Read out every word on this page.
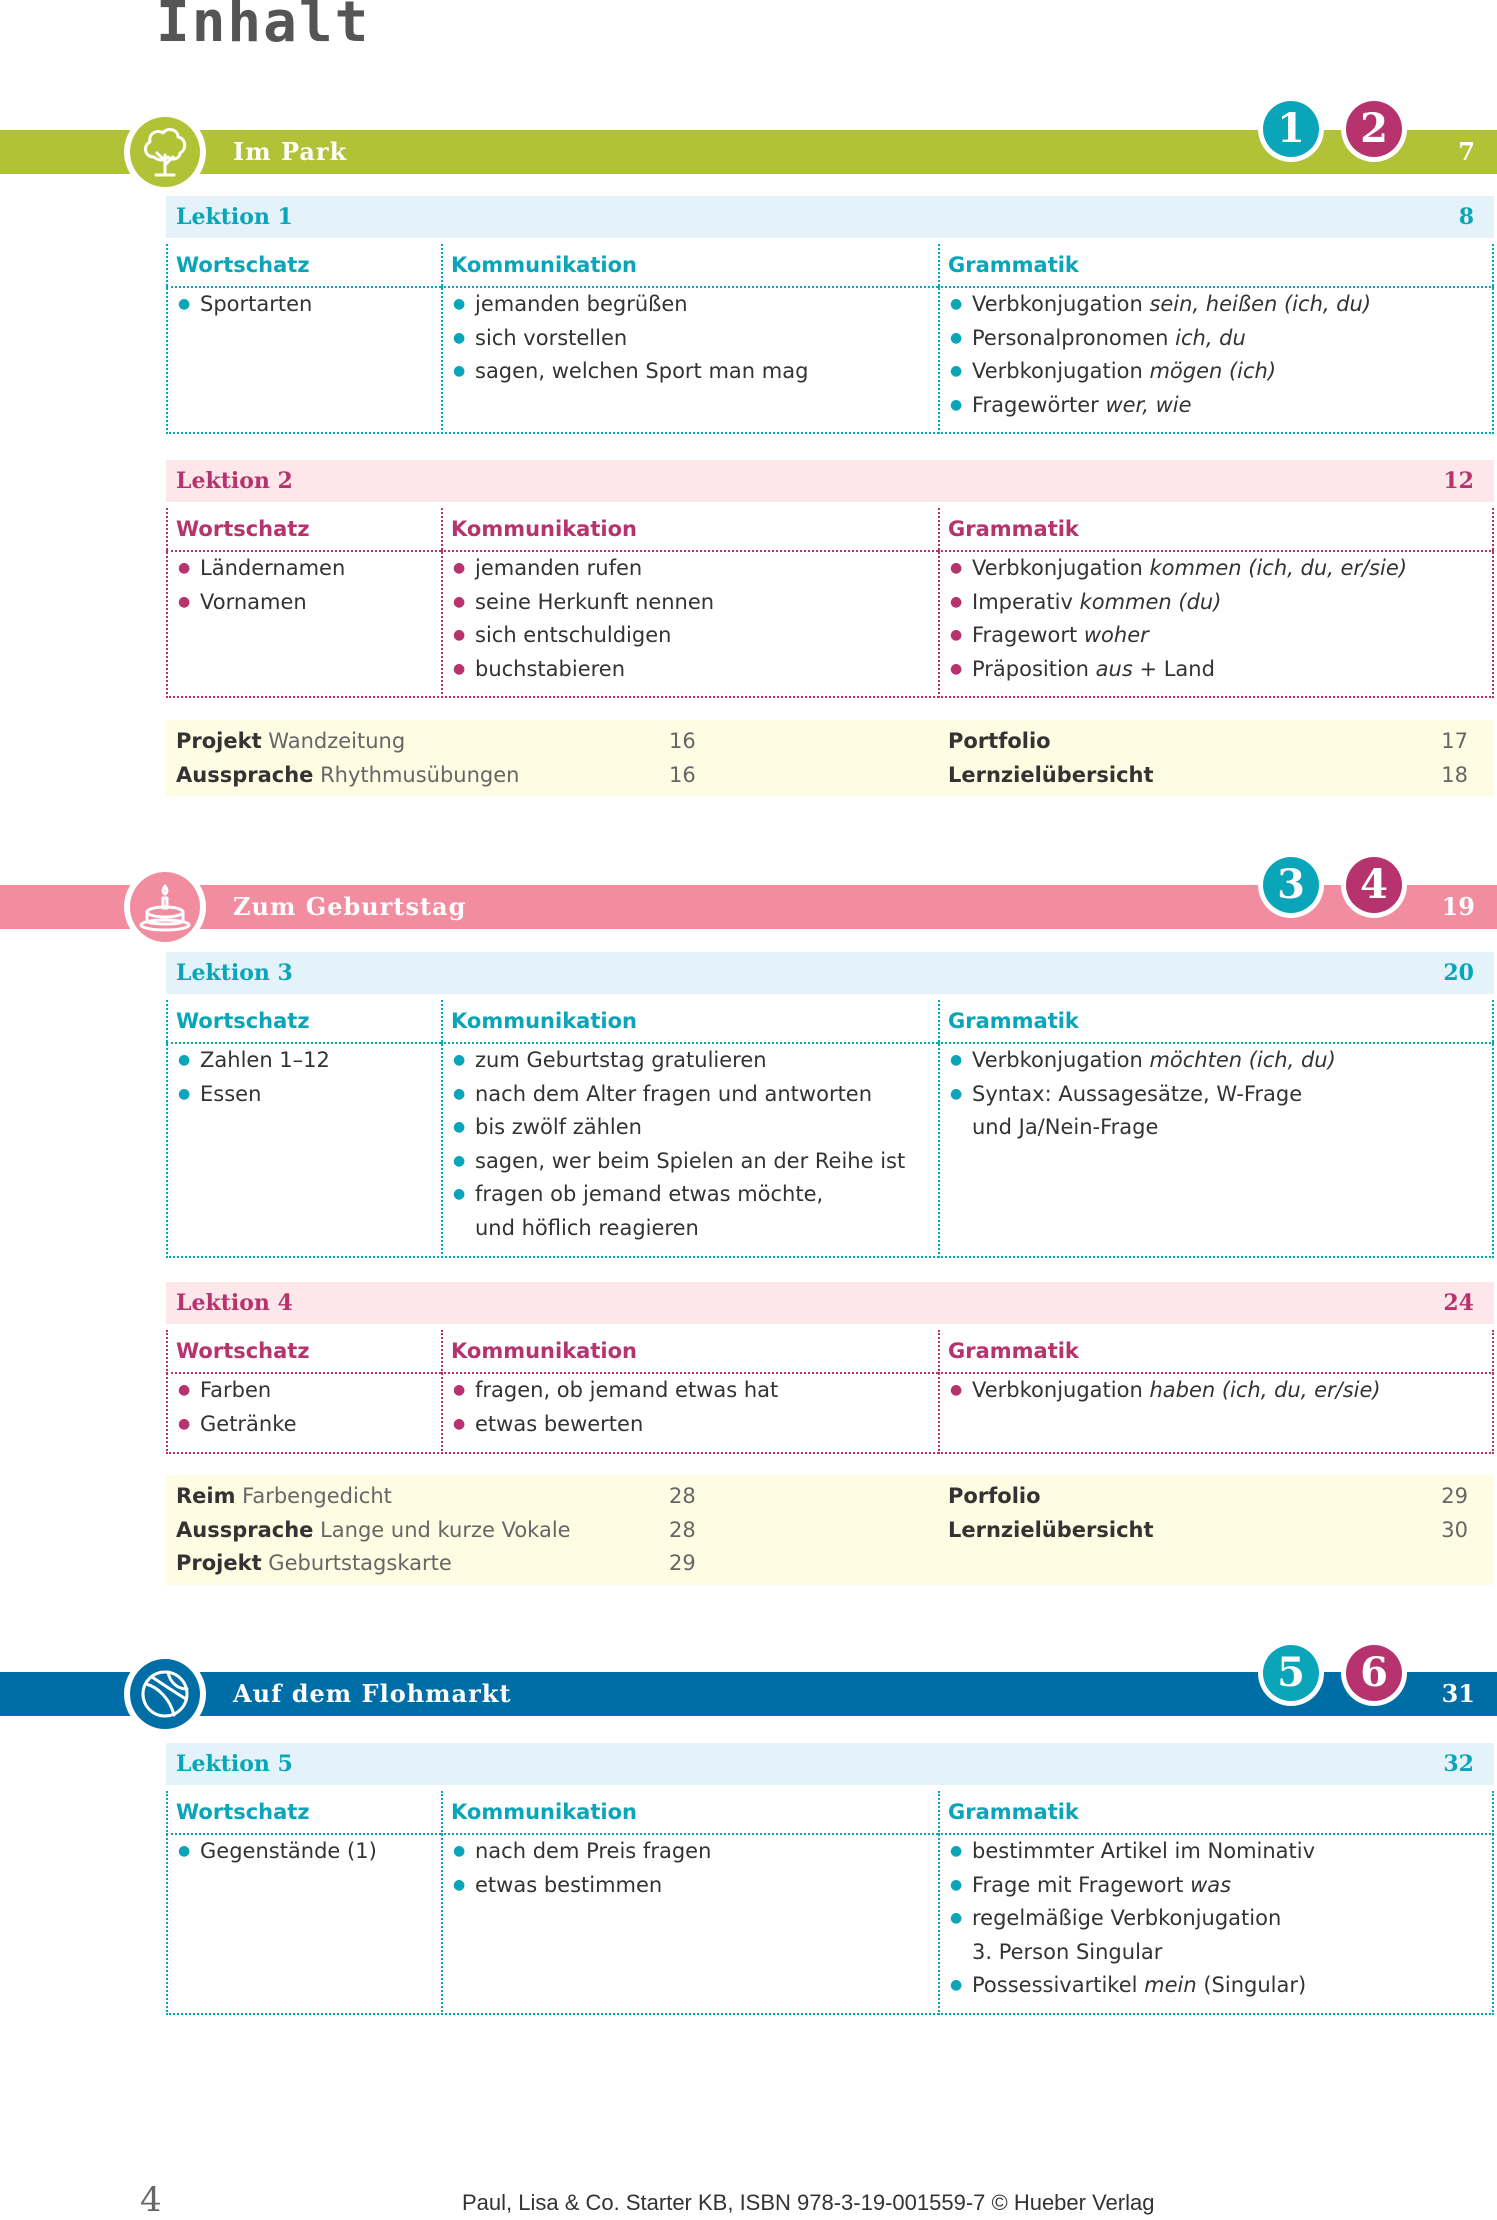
Inhalt
Im Park	7
1	2
Lektion 1	8
Wortschatz
● Sportarten
Kommunikation
● jemanden begrüßen
● sich vorstellen
● sagen, welchen Sport man mag
Grammatik
● Verbkonjugation sein, heißen (ich, du)
● Personalpronomen ich, du
● Verbkonjugation mögen (ich)
● Fragewörter wer, wie
Lektion 2	12
Wortschatz
● Ländernamen
● Vornamen
Kommunikation
● jemanden rufen
● seine Herkunft nennen
● sich entschuldigen
● buchstabieren
Grammatik
● Verbkonjugation kommen (ich, du, er/sie)
● Imperativ kommen (du)
● Fragewort woher
● Präposition aus + Land
Projekt Wandzeitung	16
Aussprache Rhythmusübungen	16
Portfolio	17
Lernzielübersicht	18
Zum Geburtstag	19
3	4
Lektion 3	20
Wortschatz
● Zahlen 1–12
● Essen
Kommunikation
● zum Geburtstag gratulieren
● nach dem Alter fragen und antworten
● bis zwölf zählen
● sagen, wer beim Spielen an der Reihe ist
● fragen ob jemand etwas möchte,
und höflich reagieren
Grammatik
● Verbkonjugation möchten (ich, du)
● Syntax: Aussagesätze, W-Frage
und Ja/Nein-Frage
Lektion 4	24
Wortschatz
● Farben
● Getränke
Kommunikation
● fragen, ob jemand etwas hat
● etwas bewerten
Grammatik
● Verbkonjugation haben (ich, du, er/sie)
Reim Farbengedicht	28
Aussprache Lange und kurze Vokale	28
Projekt Geburtstagskarte	29
Porfolio	29
Lernzielübersicht	30
Auf dem Flohmarkt	31
5	6
Lektion 5	32
Wortschatz
● Gegenstände (1)
Kommunikation
● nach dem Preis fragen
● etwas bestimmen
Grammatik
● bestimmter Artikel im Nominativ
● Frage mit Fragewort was
● regelmäßige Verbkonjugation
3. Person Singular
● Possessivartikel mein (Singular)
4	Paul, Lisa & Co. Starter KB, ISBN 978-3-19-001559-7 © Hueber Verlag
